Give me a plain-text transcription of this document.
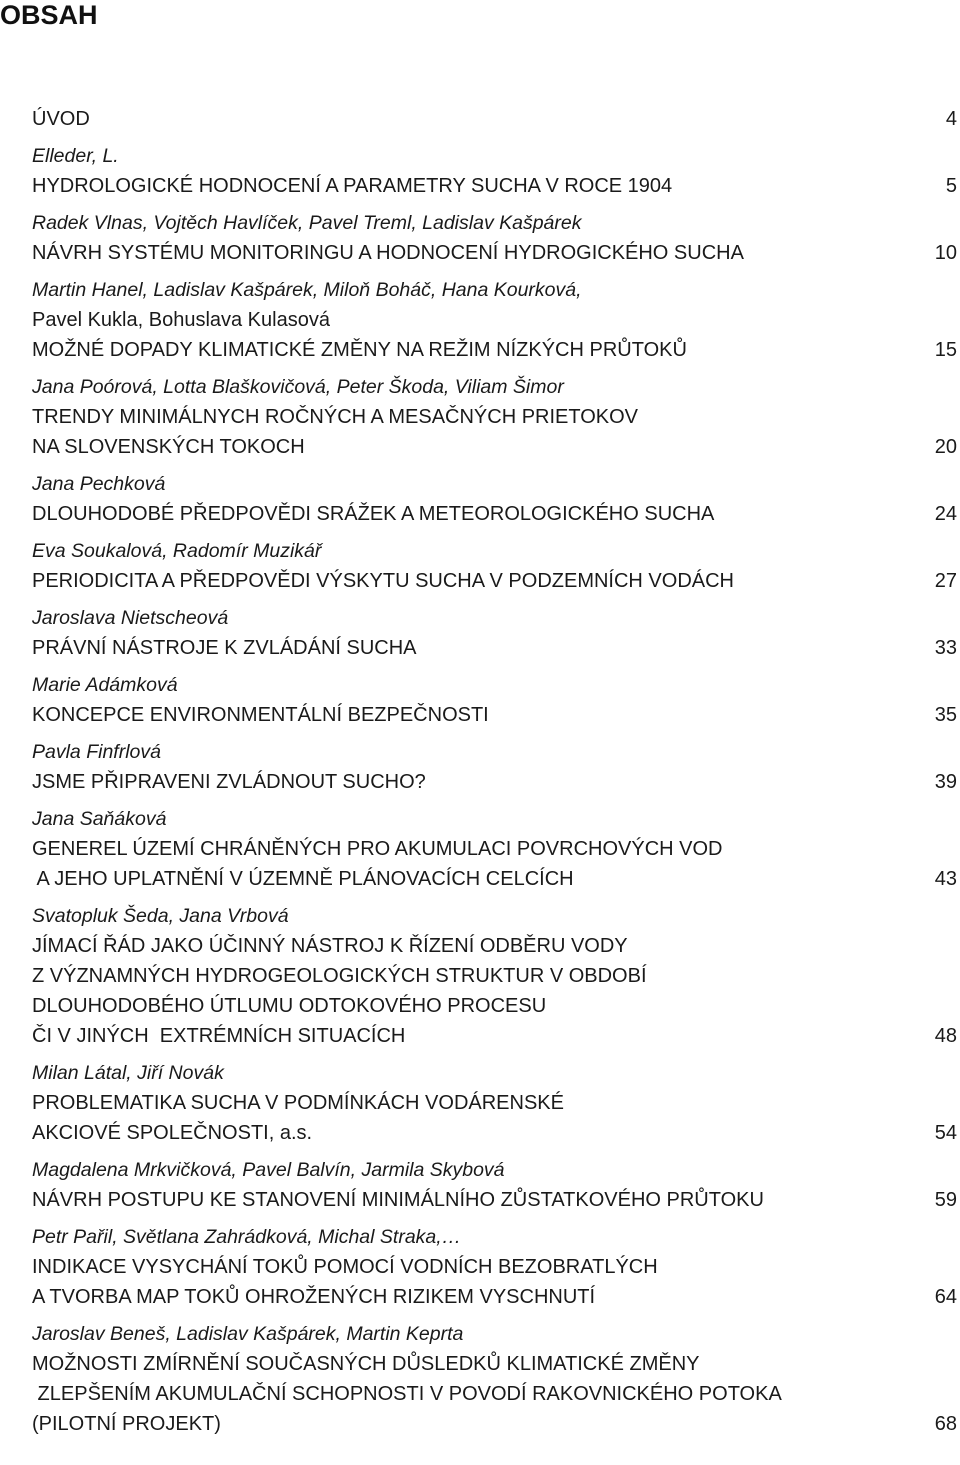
OBSAH
ÚVOD	4
Elleder, L.
HYDROLOGICKÉ HODNOCENÍ A PARAMETRY SUCHA V ROCE 1904	5
Radek Vlnas, Vojtěch Havlíček, Pavel Treml, Ladislav Kašpárek
NÁVRH SYSTÉMU MONITORINGU A HODNOCENÍ HYDROGICKÉHO SUCHA	10
Martin Hanel, Ladislav Kašpárek, Miloň Boháč, Hana Kourková,
Pavel Kukla, Bohuslava Kulasová
MOŽNÉ DOPADY KLIMATICKÉ ZMĚNY NA REŽIM NÍZKÝCH PRŮTOKŮ	15
Jana Poórová, Lotta Blaškovičová, Peter Škoda, Viliam Šimor
TRENDY MINIMÁLNYCH ROČNÝCH A MESAČNÝCH PRIETOKOV
NA SLOVENSKÝCH TOKOCH	20
Jana Pechková
DLOUHODOBÉ PŘEDPOVĚDI SRÁŽEK A METEOROLOGICKÉHO SUCHA	24
Eva Soukalová, Radomír Muzikář
PERIODICITA A PŘEDPOVĚDI VÝSKYTU SUCHA V PODZEMNÍCH VODÁCH	27
Jaroslava Nietscheová
PRÁVNÍ NÁSTROJE K ZVLÁDÁNÍ SUCHA	33
Marie Adámková
KONCEPCE ENVIRONMENTÁLNÍ BEZPEČNOSTI	35
Pavla Finfrlová
JSME PŘIPRAVENI ZVLÁDNOUT SUCHO?	39
Jana Saňáková
GENEREL ÚZEMÍ CHRÁNĚNÝCH PRO AKUMULACI POVRCHOVÝCH VOD
A JEHO UPLATNĚNÍ V ÚZEMNĚ PLÁNOVACÍCH CELCÍCH	43
Svatopluk Šeda, Jana Vrbová
JÍMACÍ ŘÁD JAKO ÚČINNÝ NÁSTROJ K ŘÍZENÍ ODBĚRU VODY
Z VÝZNAMNÝCH HYDROGEOLOGICKÝCH STRUKTUR V OBDOBÍ
DLOUHODOBÉHO ÚTLUMU ODTOKOVÉHO PROCESU
ČI V JINÝCH  EXTRÉMNÍCH SITUACÍCH	48
Milan Látal, Jiří Novák
PROBLEMATIKA SUCHA V PODMÍNKÁCH VODÁRENSKÉ
AKCIOVÉ SPOLEČNOSTI, a.s.	54
Magdalena Mrkvičková, Pavel Balvín, Jarmila Skybová
NÁVRH POSTUPU KE STANOVENÍ MINIMÁLNÍHO ZŮSTATKOVÉHO PRŮTOKU	59
Petr Pařil, Světlana Zahrádková, Michal Straka,…
INDIKACE VYSYCHÁNÍ TOKŮ POMOCÍ VODNÍCH BEZOBRATLÝCH
A TVORBA MAP TOKŮ OHROŽENÝCH RIZIKEM VYSCHNUTÍ	64
Jaroslav Beneš, Ladislav Kašpárek, Martin Keprta
MOŽNOSTI ZMÍRNĚNÍ SOUČASNÝCH DŮSLEDKŮ KLIMATICKÉ ZMĚNY
ZLEPŠENÍM AKUMULAČNÍ SCHOPNOSTI V POVODÍ RAKOVNICKÉHO POTOKA
(PILOTNÍ PROJEKT)	68
